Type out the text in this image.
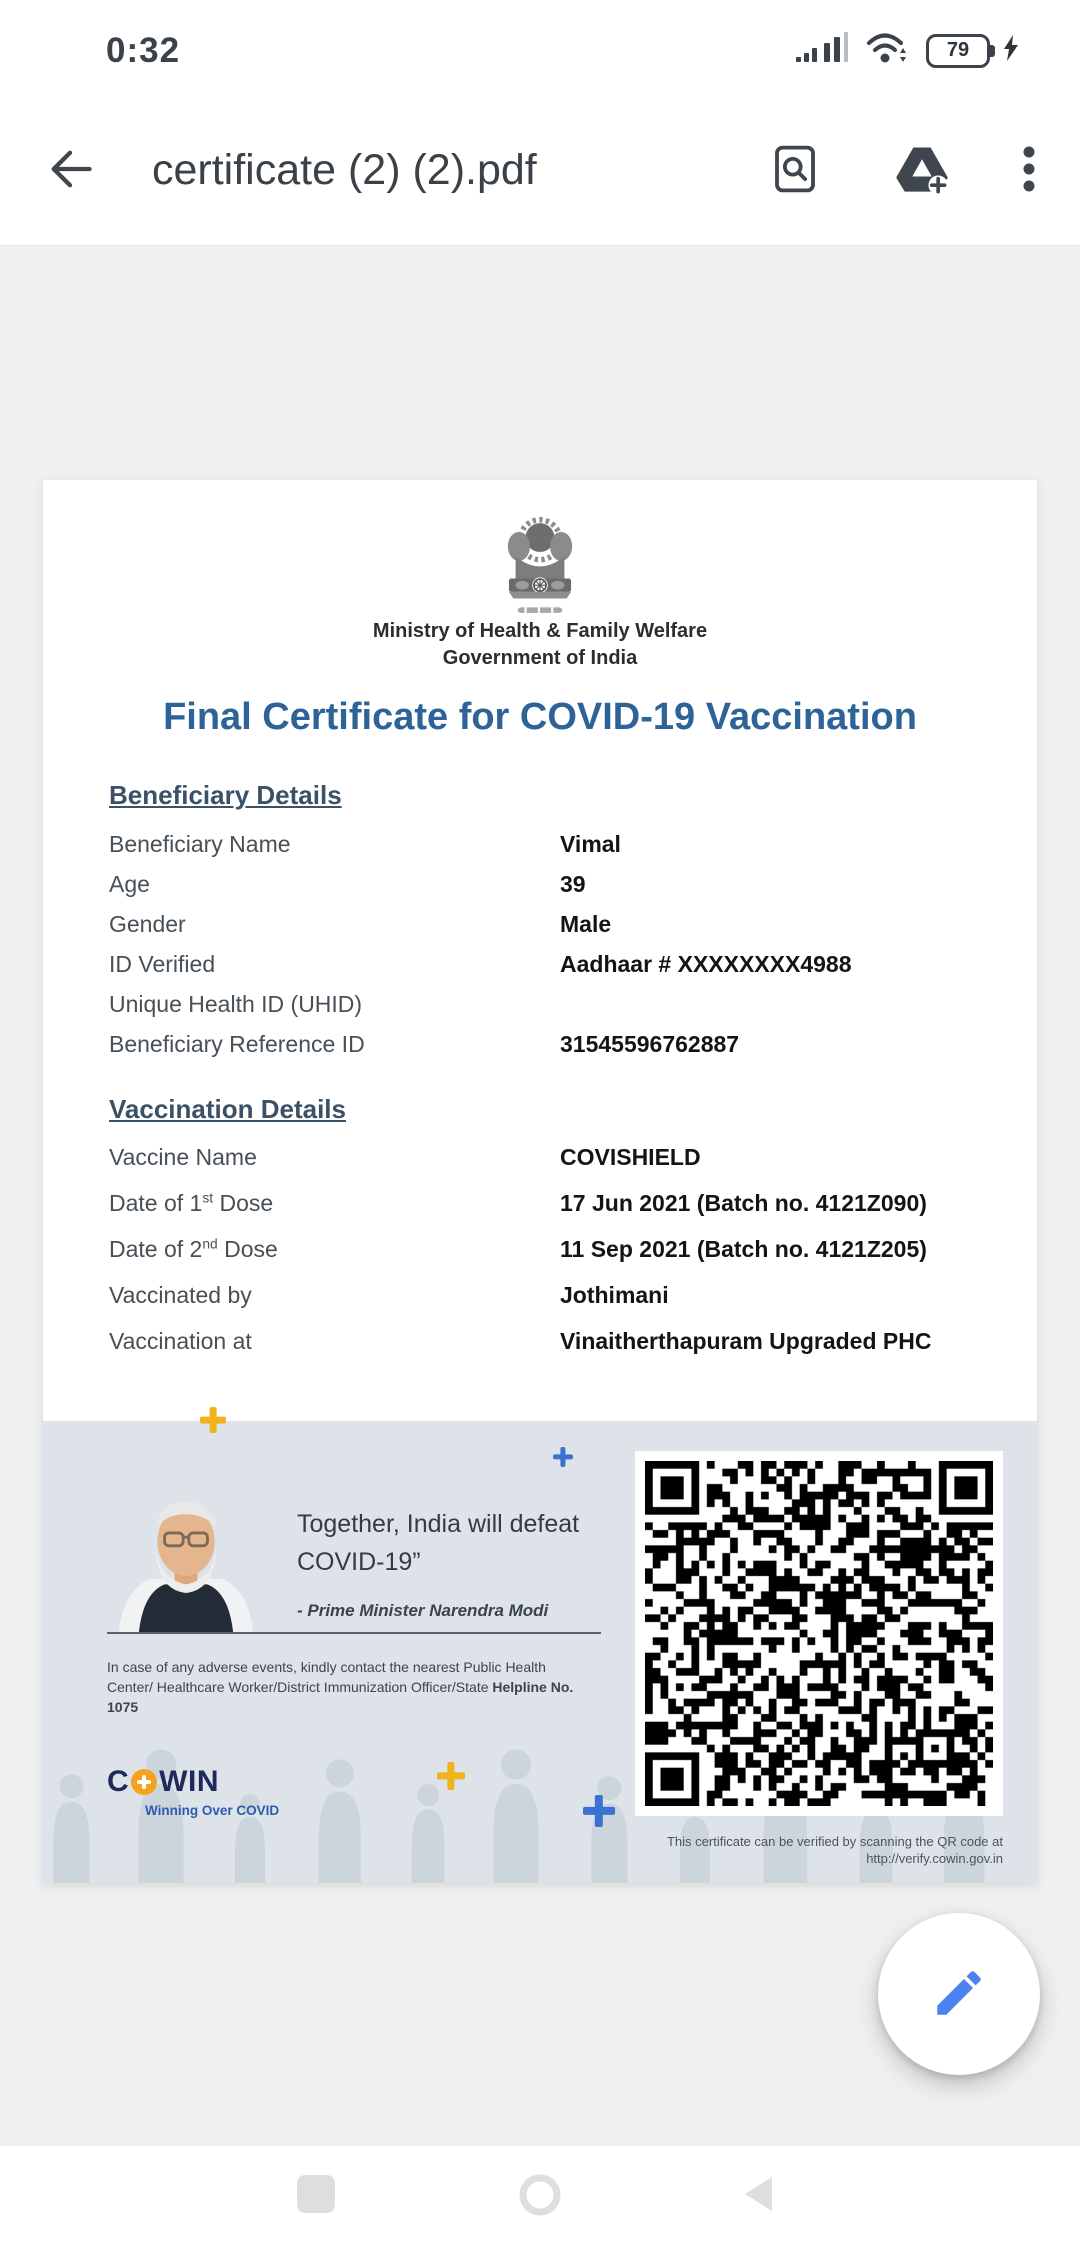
0:32	79
certificate (2) (2).pdf
Ministry of Health & Family Welfare
Government of India
Final Certificate for COVID-19 Vaccination
Beneficiary Details
Beneficiary Name	Vimal
Age	39
Gender	Male
ID Verified	Aadhaar # XXXXXXXX4988
Unique Health ID (UHID)
Beneficiary Reference ID	31545596762887
Vaccination Details
Vaccine Name	COVISHIELD
Date of 1st Dose	17 Jun 2021 (Batch no. 4121Z090)
Date of 2nd Dose	11 Sep 2021 (Batch no. 4121Z205)
Vaccinated by	Jothimani
Vaccination at	Vinaitherthapuram Upgraded PHC
Together, India will defeat COVID-19”
- Prime Minister Narendra Modi
In case of any adverse events, kindly contact the nearest Public Health Center/ Healthcare Worker/District Immunization Officer/State Helpline No. 1075
C WIN
Winning Over COVID
This certificate can be verified by scanning the QR code at
http://verify.cowin.gov.in
